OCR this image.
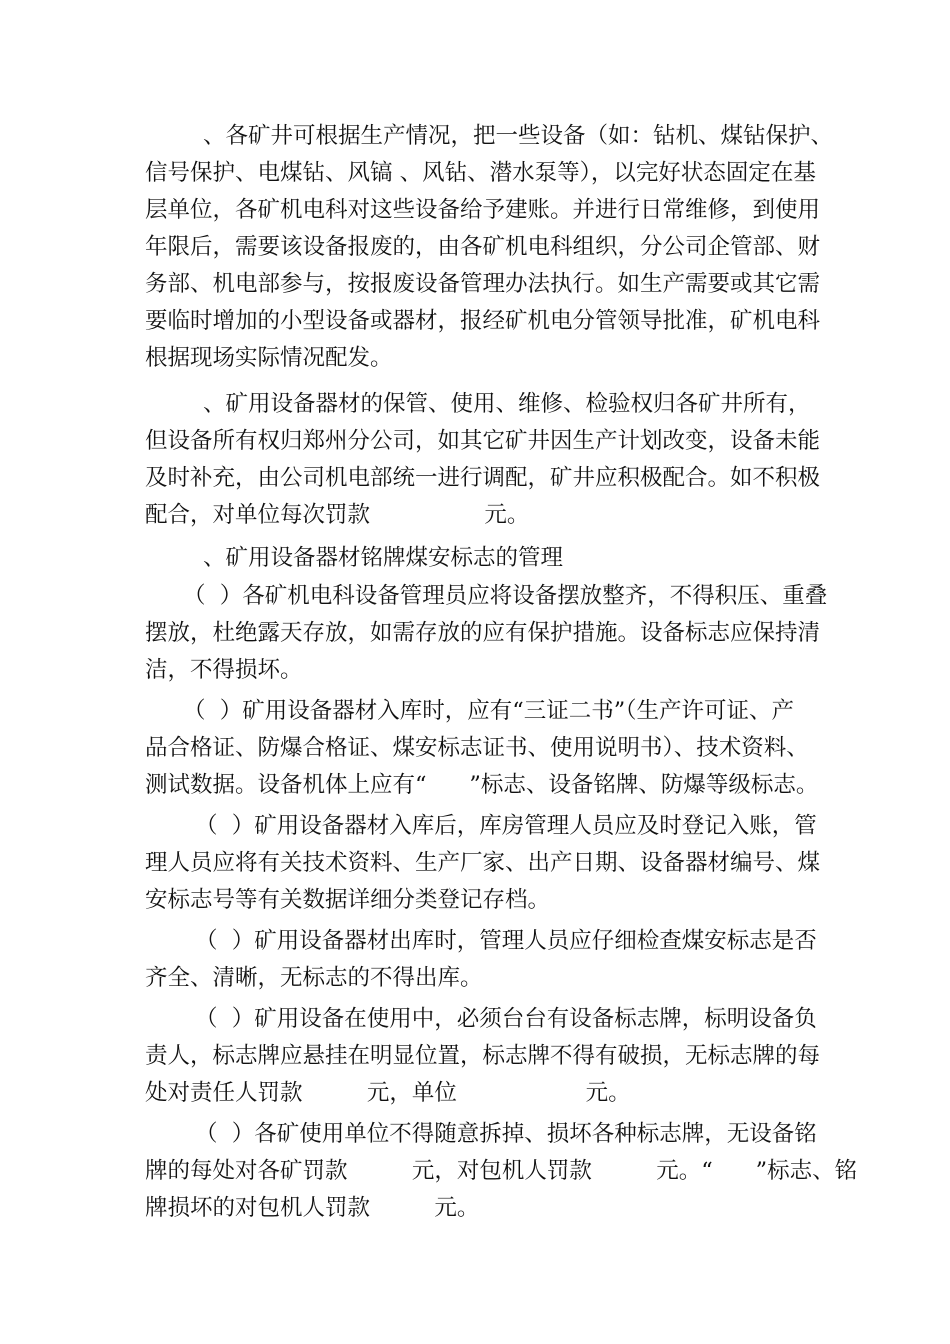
、各矿井可根据生产情况，把一些设备（如：钻机、煤钻保护、
信号保护、电煤钻、风镐 、风钻、潜水泵等），以完好状态固定在基
层单位，各矿机电科对这些设备给予建账。并进行日常维修，到使用
年限后，需要该设备报废的，由各矿机电科组织，分公司企管部、财
务部、机电部参与，按报废设备管理办法执行。如生产需要或其它需
要临时增加的小型设备或器材，报经矿机电分管领导批准，矿机电科
根据现场实际情况配发。
、矿用设备器材的保管、使用、维修、检验权归各矿井所有，
但设备所有权归郑州分公司，如其它矿井因生产计划改变，设备未能
及时补充，由公司机电部统一进行调配，矿井应积极配合。如不积极
配合，对单位每次罚款                元。
、矿用设备器材铭牌煤安标志的管理
（  ）各矿机电科设备管理员应将设备摆放整齐，不得积压、重叠
摆放，杜绝露天存放，如需存放的应有保护措施。设备标志应保持清
洁，不得损坏。
（  ）矿用设备器材入库时，应有“三证二书”（生产许可证、产
品合格证、防爆合格证、煤安标志证书、使用说明书）、技术资料、
测试数据。设备机体上应有“      ”标志、设备铭牌、防爆等级标志。
（  ）矿用设备器材入库后，库房管理人员应及时登记入账，管
理人员应将有关技术资料、生产厂家、出产日期、设备器材编号、煤
安标志号等有关数据详细分类登记存档。
（  ）矿用设备器材出库时，管理人员应仔细检查煤安标志是否
齐全、清晰，无标志的不得出库。
（  ）矿用设备在使用中，必须台台有设备标志牌，标明设备负
责人，标志牌应悬挂在明显位置，标志牌不得有破损，无标志牌的每
处对责任人罚款         元，单位                  元。
（  ）各矿使用单位不得随意拆掉、损坏各种标志牌，无设备铭
牌的每处对各矿罚款         元，对包机人罚款         元。“      ”标志、铭
牌损坏的对包机人罚款         元。
